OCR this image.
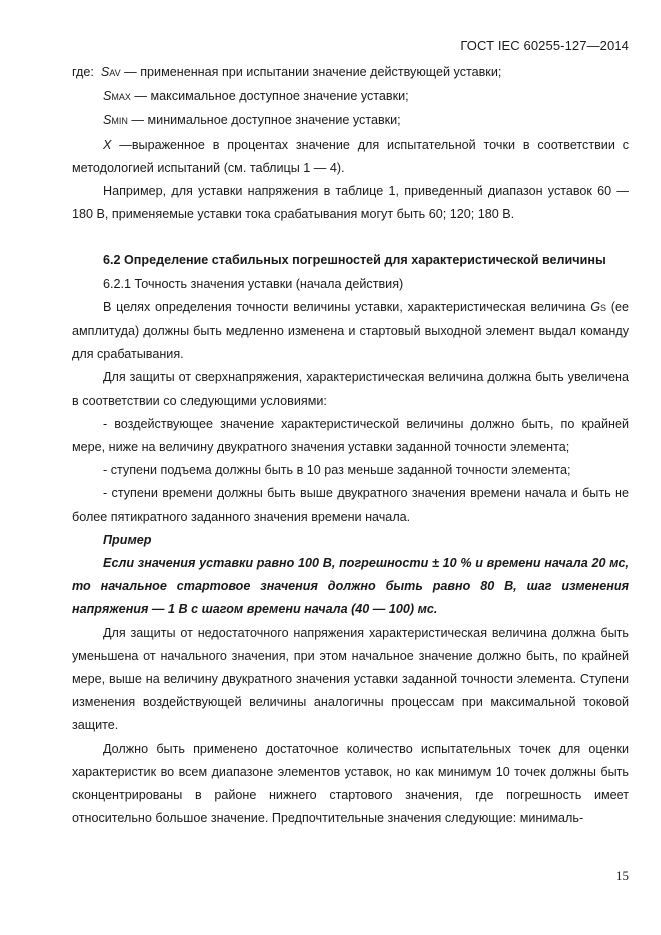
ГОСТ IEC 60255-127—2014

где: SAV — примененная при испытании значение действующей уставки;

SMAX — максимальное доступное значение уставки;

SMIN — минимальное доступное значение уставки;

X —выраженное в процентах значение для испытательной точки в соответствии с методологией испытаний (см. таблицы 1 — 4).

Например, для уставки напряжения в таблице 1, приведенный диапазон уставок 60 — 180 В, применяемые уставки тока срабатывания могут быть 60; 120; 180 В.

6.2 Определение стабильных погрешностей для характеристической величины

6.2.1 Точность значения уставки (начала действия)

В целях определения точности величины уставки, характеристическая величина GS (ее амплитуда) должны быть медленно изменена и стартовый выходной элемент выдал команду для срабатывания.

Для защиты от сверхнапряжения, характеристическая величина должна быть увеличена в соответствии со следующими условиями:

- воздействующее значение характеристической величины должно быть, по крайней мере, ниже на величину двукратного значения уставки заданной точности элемента;

- ступени подъема должны быть в 10 раз меньше заданной точности элемента;

- ступени времени должны быть выше двукратного значения времени начала и быть не более пятикратного заданного значения времени начала.

Пример

Если значения уставки равно 100 В, погрешности ± 10 % и времени начала 20 мс, то начальное стартовое значения должно быть равно 80 В, шаг изменения напряжения — 1 В с шагом времени начала (40 — 100) мс.

Для защиты от недостаточного напряжения характеристическая величина должна быть уменьшена от начального значения, при этом начальное значение должно быть, по крайней мере, выше на величину двукратного значения уставки заданной точности элемента. Ступени изменения воздействующей величины аналогичны процессам при максимальной токовой защите.

Должно быть применено достаточное количество испытательных точек для оценки характеристик во всем диапазоне элементов уставок, но как минимум 10 точек должны быть сконцентрированы в районе нижнего стартового значения, где погрешность имеет относительно большое значение. Предпочтительные значения следующие: минималь-

15
